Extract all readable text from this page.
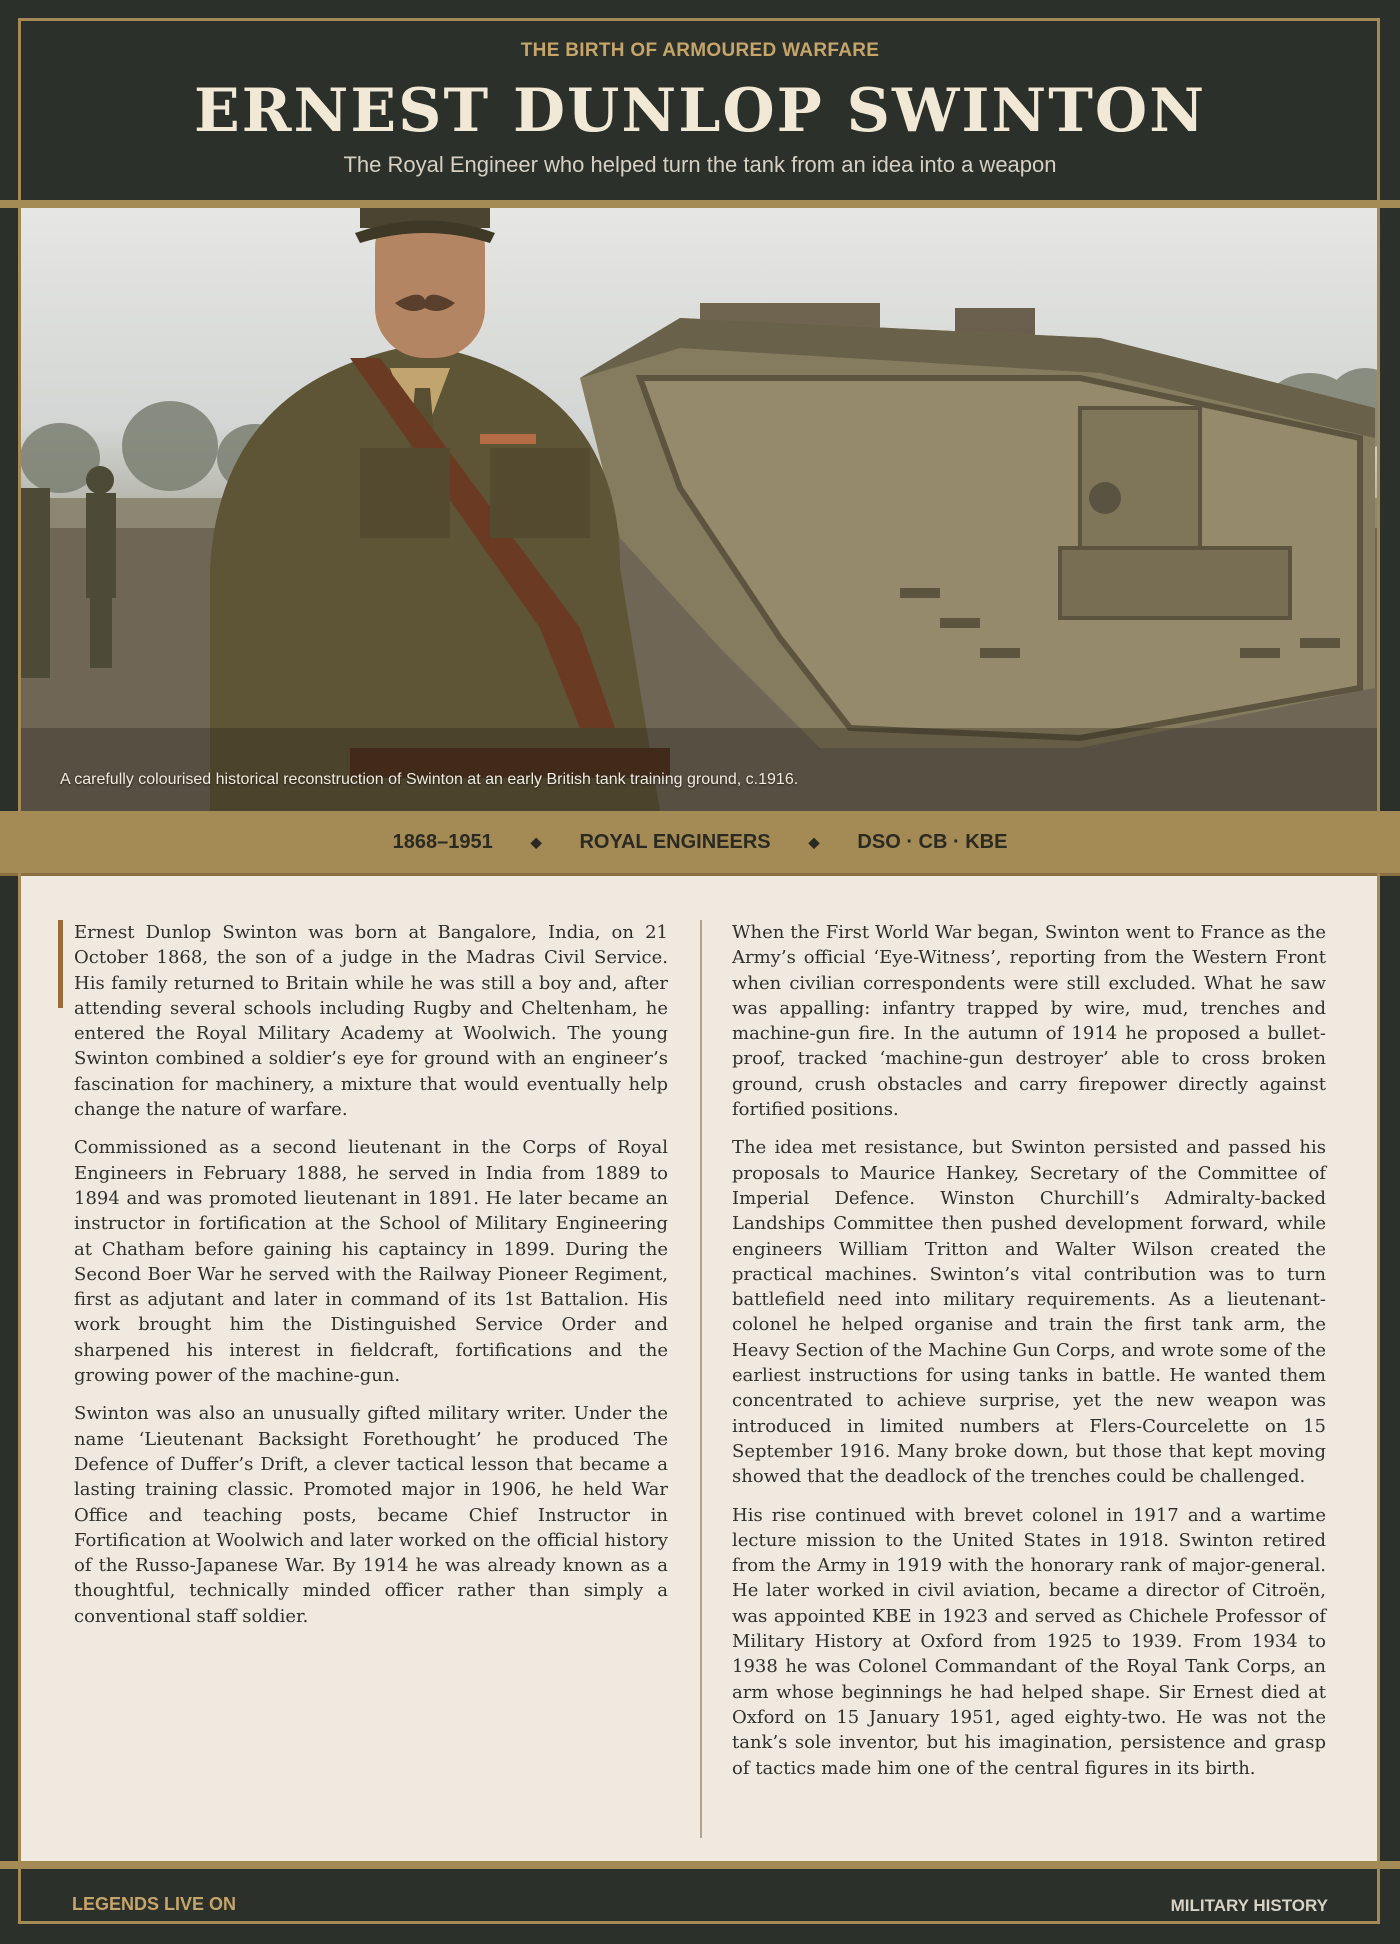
THE BIRTH OF ARMOURED WARFARE
ERNEST DUNLOP SWINTON
The Royal Engineer who helped turn the tank from an idea into a weapon
A carefully colourised historical reconstruction of Swinton at an early British tank training ground, c.1916.
1868–1951	◆ ROYAL ENGINEERS	◆ DSO · CB · KBE

Ernest Dunlop Swinton was born at Bangalore, India, on 21 October 1868, the son of a judge in the Madras Civil Service. His family returned to Britain while he was still a boy and, after attending several schools including Rugby and Cheltenham, he entered the Royal Military Academy at Woolwich. The young Swinton combined a soldier’s eye for ground with an engineer’s fascination for machinery, a mixture that would eventually help change the nature of warfare.

Commissioned as a second lieutenant in the Corps of Royal Engineers in February 1888, he served in India from 1889 to 1894 and was promoted lieutenant in 1891. He later became an instructor in fortification at the School of Military Engineering at Chatham before gaining his captaincy in 1899. During the Second Boer War he served with the Railway Pioneer Regiment, first as adjutant and later in command of its 1st Battalion. His work brought him the Distinguished Service Order and sharpened his interest in fieldcraft, fortifications and the growing power of the machine-gun.

Swinton was also an unusually gifted military writer. Under the name ‘Lieutenant Backsight Forethought’ he produced The Defence of Duffer’s Drift, a clever tactical lesson that became a lasting training classic. Promoted major in 1906, he held War Office and teaching posts, became Chief Instructor in Fortification at Woolwich and later worked on the official history of the Russo-Japanese War. By 1914 he was already known as a thoughtful, technically minded officer rather than simply a conventional staff soldier.

When the First World War began, Swinton went to France as the Army’s official ‘Eye-Witness’, reporting from the Western Front when civilian correspondents were still excluded. What he saw was appalling: infantry trapped by wire, mud, trenches and machine-gun fire. In the autumn of 1914 he proposed a bullet-proof, tracked ‘machine-gun destroyer’ able to cross broken ground, crush obstacles and carry firepower directly against fortified positions.

The idea met resistance, but Swinton persisted and passed his proposals to Maurice Hankey, Secretary of the Committee of Imperial Defence. Winston Churchill’s Admiralty-backed Landships Committee then pushed development forward, while engineers William Tritton and Walter Wilson created the practical machines. Swinton’s vital contribution was to turn battlefield need into military requirements. As a lieutenant-colonel he helped organise and train the first tank arm, the Heavy Section of the Machine Gun Corps, and wrote some of the earliest instructions for using tanks in battle. He wanted them concentrated to achieve surprise, yet the new weapon was introduced in limited numbers at Flers-Courcelette on 15 September 1916. Many broke down, but those that kept moving showed that the deadlock of the trenches could be challenged.

His rise continued with brevet colonel in 1917 and a wartime lecture mission to the United States in 1918. Swinton retired from the Army in 1919 with the honorary rank of major-general. He later worked in civil aviation, became a director of Citroën, was appointed KBE in 1923 and served as Chichele Professor of Military History at Oxford from 1925 to 1939. From 1934 to 1938 he was Colonel Commandant of the Royal Tank Corps, an arm whose beginnings he had helped shape. Sir Ernest died at Oxford on 15 January 1951, aged eighty-two. He was not the tank’s sole inventor, but his imagination, persistence and grasp of tactics made him one of the central figures in its birth.

LEGENDS LIVE ON	MILITARY HISTORY
